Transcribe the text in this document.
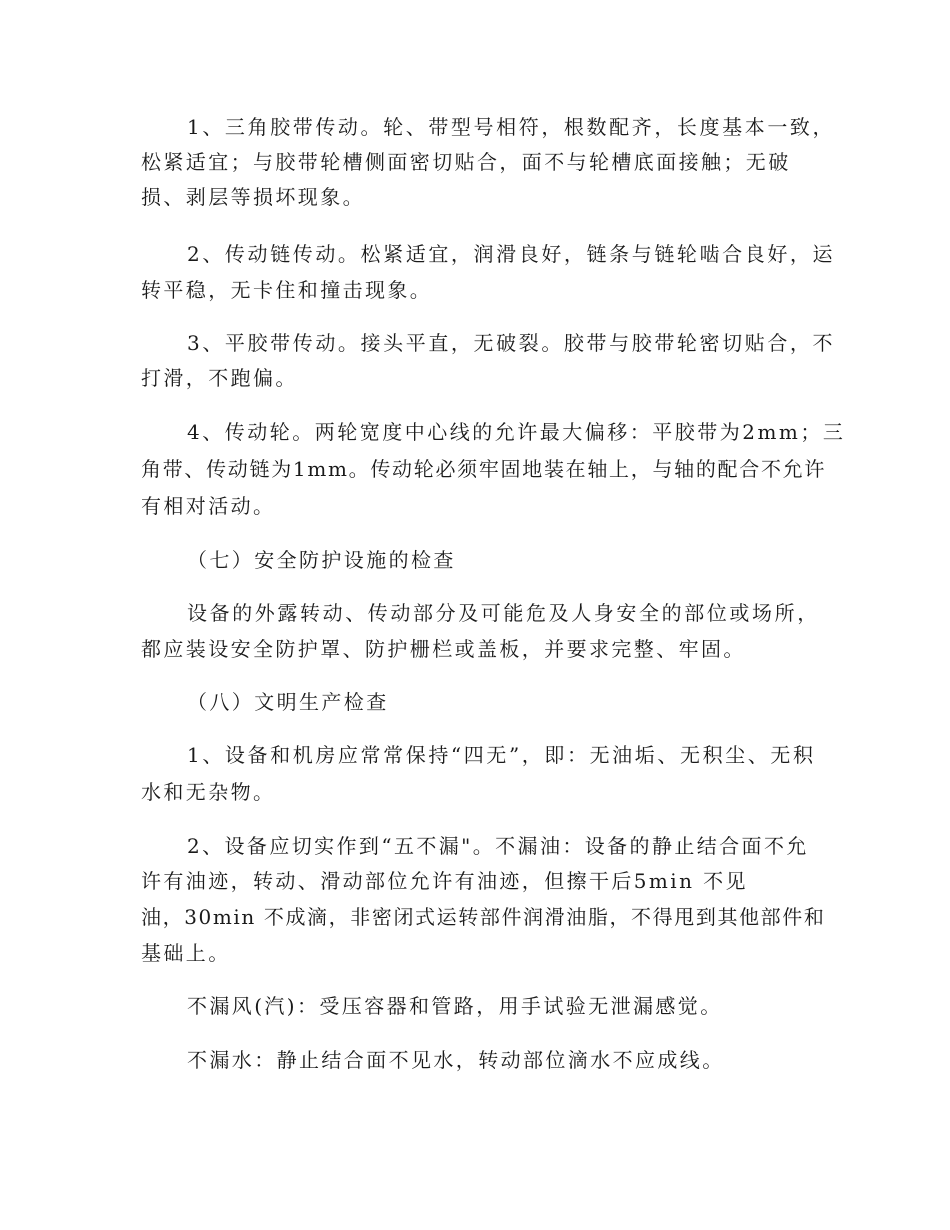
1、三角胶带传动。轮、带型号相符，根数配齐，长度基本一致，
松紧适宜；与胶带轮槽侧面密切贴合，面不与轮槽底面接触；无破
损、剥层等损坏现象。
2、传动链传动。松紧适宜，润滑良好，链条与链轮啮合良好，运
转平稳，无卡住和撞击现象。
3、平胶带传动。接头平直，无破裂。胶带与胶带轮密切贴合，不
打滑，不跑偏。
4、传动轮。两轮宽度中心线的允许最大偏移：平胶带为2mm；三
角带、传动链为1mm。传动轮必须牢固地装在轴上，与轴的配合不允许
有相对活动。
（七）安全防护设施的检查
设备的外露转动、传动部分及可能危及人身安全的部位或场所，
都应装设安全防护罩、防护栅栏或盖板，并要求完整、牢固。
（八）文明生产检查
1、设备和机房应常常保持“四无”，即：无油垢、无积尘、无积
水和无杂物。
2、设备应切实作到“五不漏"。不漏油：设备的静止结合面不允
许有油迹，转动、滑动部位允许有油迹，但擦干后5min 不见
油，30min 不成滴，非密闭式运转部件润滑油脂，不得甩到其他部件和
基础上。
不漏风(汽)：受压容器和管路，用手试验无泄漏感觉。
不漏水：静止结合面不见水，转动部位滴水不应成线。
